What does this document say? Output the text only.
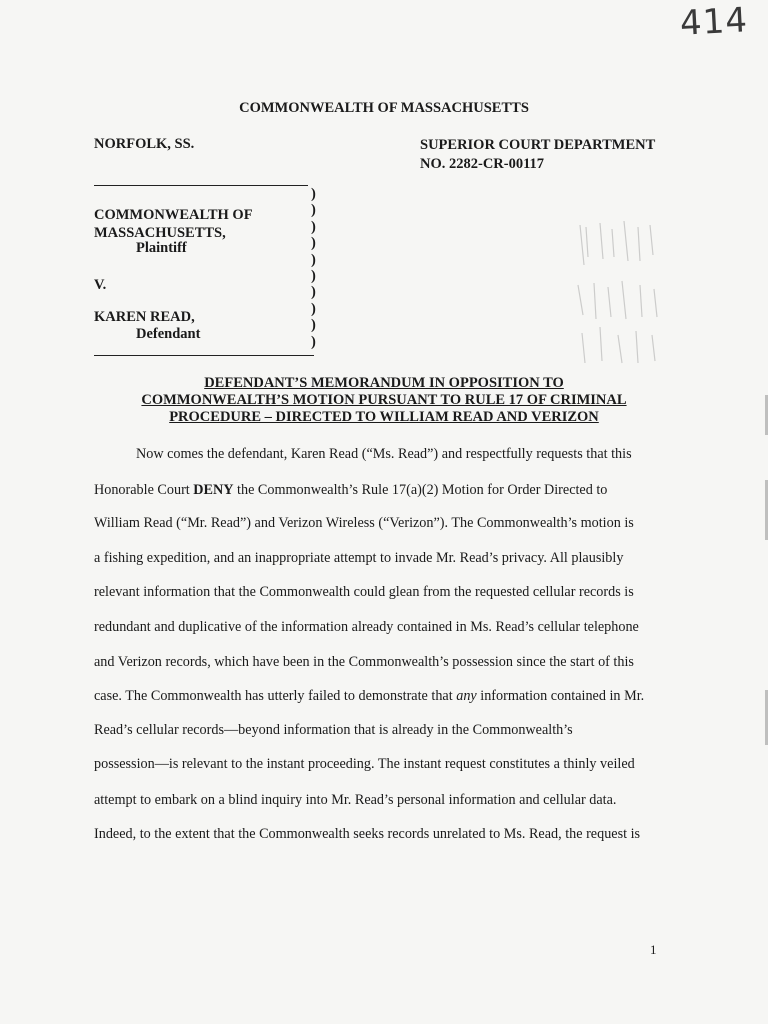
414
COMMONWEALTH OF MASSACHUSETTS
NORFOLK, SS.	SUPERIOR COURT DEPARTMENT
NO. 2282-CR-00117
COMMONWEALTH OF
MASSACHUSETTS,
Plaintiff
V.
KAREN READ,
Defendant
)
)
)
)
)
)
)
)
)
)
DEFENDANT’S MEMORANDUM IN OPPOSITION TO
COMMONWEALTH’S MOTION PURSUANT TO RULE 17 OF CRIMINAL
PROCEDURE – DIRECTED TO WILLIAM READ AND VERIZON
Now comes the defendant, Karen Read (“Ms. Read”) and respectfully requests that this
Honorable Court DENY the Commonwealth’s Rule 17(a)(2) Motion for Order Directed to
William Read (“Mr. Read”) and Verizon Wireless (“Verizon”). The Commonwealth’s motion is
a fishing expedition, and an inappropriate attempt to invade Mr. Read’s privacy. All plausibly
relevant information that the Commonwealth could glean from the requested cellular records is
redundant and duplicative of the information already contained in Ms. Read’s cellular telephone
and Verizon records, which have been in the Commonwealth’s possession since the start of this
case. The Commonwealth has utterly failed to demonstrate that any information contained in Mr.
Read’s cellular records—beyond information that is already in the Commonwealth’s
possession—is relevant to the instant proceeding. The instant request constitutes a thinly veiled
attempt to embark on a blind inquiry into Mr. Read’s personal information and cellular data.
Indeed, to the extent that the Commonwealth seeks records unrelated to Ms. Read, the request is
1
